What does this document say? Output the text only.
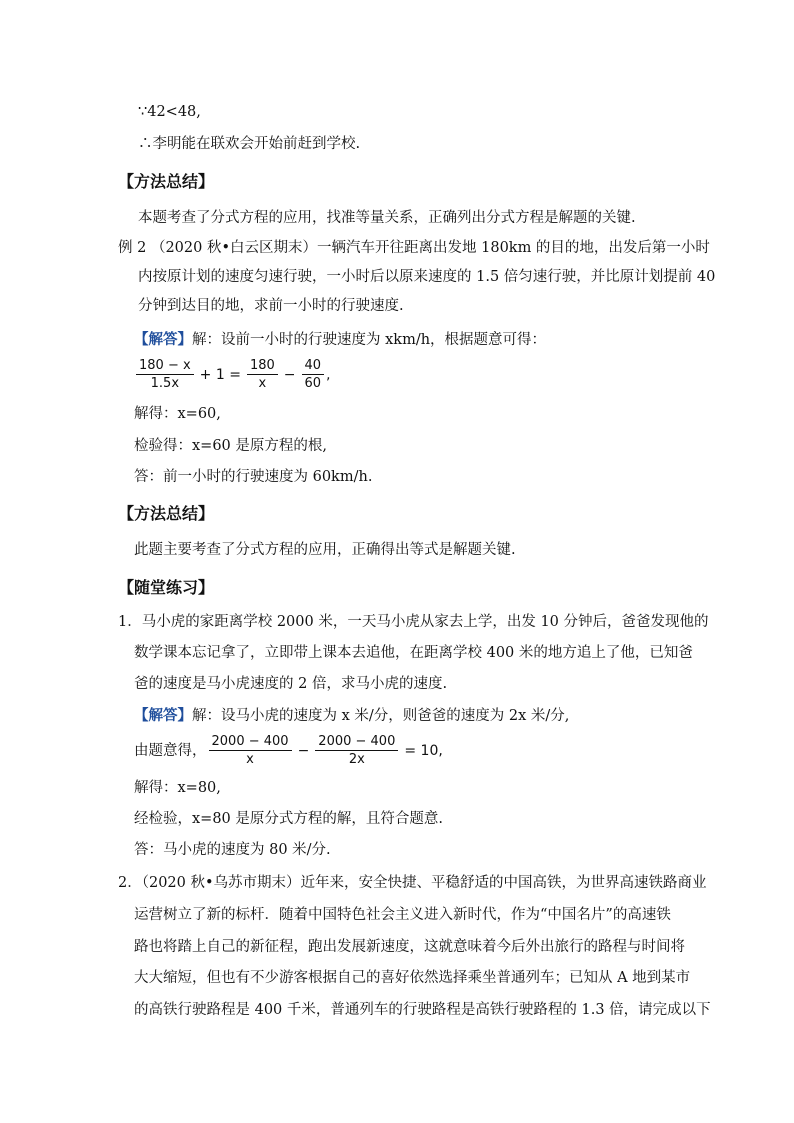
∵42<48,
∴李明能在联欢会开始前赶到学校.
【方法总结】
本题考查了分式方程的应用，找准等量关系，正确列出分式方程是解题的关键.
例 2 （2020 秋•白云区期末）一辆汽车开往距离出发地 180km 的目的地，出发后第一小时
内按原计划的速度匀速行驶，一小时后以原来速度的 1.5 倍匀速行驶，并比原计划提前 40
分钟到达目的地，求前一小时的行驶速度.
【解答】解：设前一小时的行驶速度为 xkm/h，根据题意可得：
$\frac{180 - x}{1.5x} + 1 = \frac{180}{x} - \frac{40}{60}$ ,
解得：x=60,
检验得：x=60 是原方程的根,
答：前一小时的行驶速度为 60km/h.
【方法总结】
此题主要考查了分式方程的应用，正确得出等式是解题关键.
【随堂练习】
1．马小虎的家距离学校 2000 米，一天马小虎从家去上学，出发 10 分钟后，爸爸发现他的
数学课本忘记拿了，立即带上课本去追他，在距离学校 400 米的地方追上了他，已知爸
爸的速度是马小虎速度的 2 倍，求马小虎的速度.
【解答】解：设马小虎的速度为 x 米/分，则爸爸的速度为 2x 米/分,
由题意得， $\frac{2000 - 400}{x} - \frac{2000 - 400}{2x} = 10$,
解得：x=80,
经检验，x=80 是原分式方程的解，且符合题意.
答：马小虎的速度为 80 米/分.
2．（2020 秋•乌苏市期末）近年来，安全快捷、平稳舒适的中国高铁，为世界高速铁路商业
运营树立了新的标杆．随着中国特色社会主义进入新时代，作为“中国名片”的高速铁
路也将踏上自己的新征程，跑出发展新速度，这就意味着今后外出旅行的路程与时间将
大大缩短，但也有不少游客根据自己的喜好依然选择乘坐普通列车；已知从 A 地到某市
的高铁行驶路程是 400 千米，普通列车的行驶路程是高铁行驶路程的 1.3 倍，请完成以下
